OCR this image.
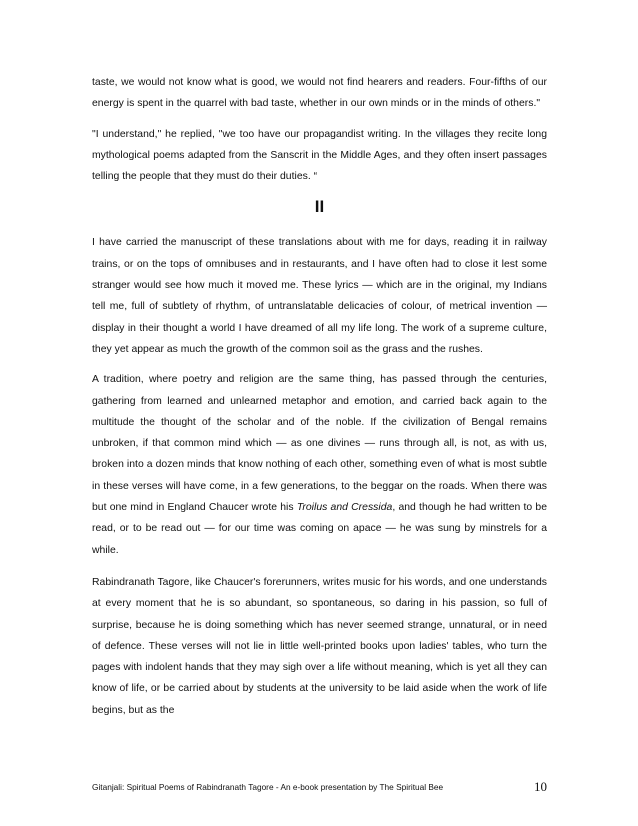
taste, we would not know what is good, we would not find hearers and readers. Four-fifths of our energy is spent in the quarrel with bad taste, whether in our own minds or in the minds of others."

"I understand," he replied, "we too have our propagandist writing. In the villages they recite long mythological poems adapted from the Sanscrit in the Middle Ages, and they often insert passages telling the people that they must do their duties. “

II

I have carried the manuscript of these translations about with me for days, reading it in railway trains, or on the tops of omnibuses and in restaurants, and I have often had to close it lest some stranger would see how much it moved me. These lyrics — which are in the original, my Indians tell me, full of subtlety of rhythm, of untranslatable delicacies of colour, of metrical invention — display in their thought a world I have dreamed of all my life long. The work of a supreme culture, they yet appear as much the growth of the common soil as the grass and the rushes.

A tradition, where poetry and religion are the same thing, has passed through the centuries, gathering from learned and unlearned metaphor and emotion, and carried back again to the multitude the thought of the scholar and of the noble. If the civilization of Bengal remains unbroken, if that common mind which — as one divines — runs through all, is not, as with us, broken into a dozen minds that know nothing of each other, something even of what is most subtle in these verses will have come, in a few generations, to the beggar on the roads. When there was but one mind in England Chaucer wrote his Troilus and Cressida, and though he had written to be read, or to be read out — for our time was coming on apace — he was sung by minstrels for a while.

Rabindranath Tagore, like Chaucer's forerunners, writes music for his words, and one understands at every moment that he is so abundant, so spontaneous, so daring in his passion, so full of surprise, because he is doing something which has never seemed strange, unnatural, or in need of defence. These verses will not lie in little well-printed books upon ladies' tables, who turn the pages with indolent hands that they may sigh over a life without meaning, which is yet all they can know of life, or be carried about by students at the university to be laid aside when the work of life begins, but as the

Gitanjali: Spiritual Poems of Rabindranath Tagore - An e-book presentation by The Spiritual Bee	10
